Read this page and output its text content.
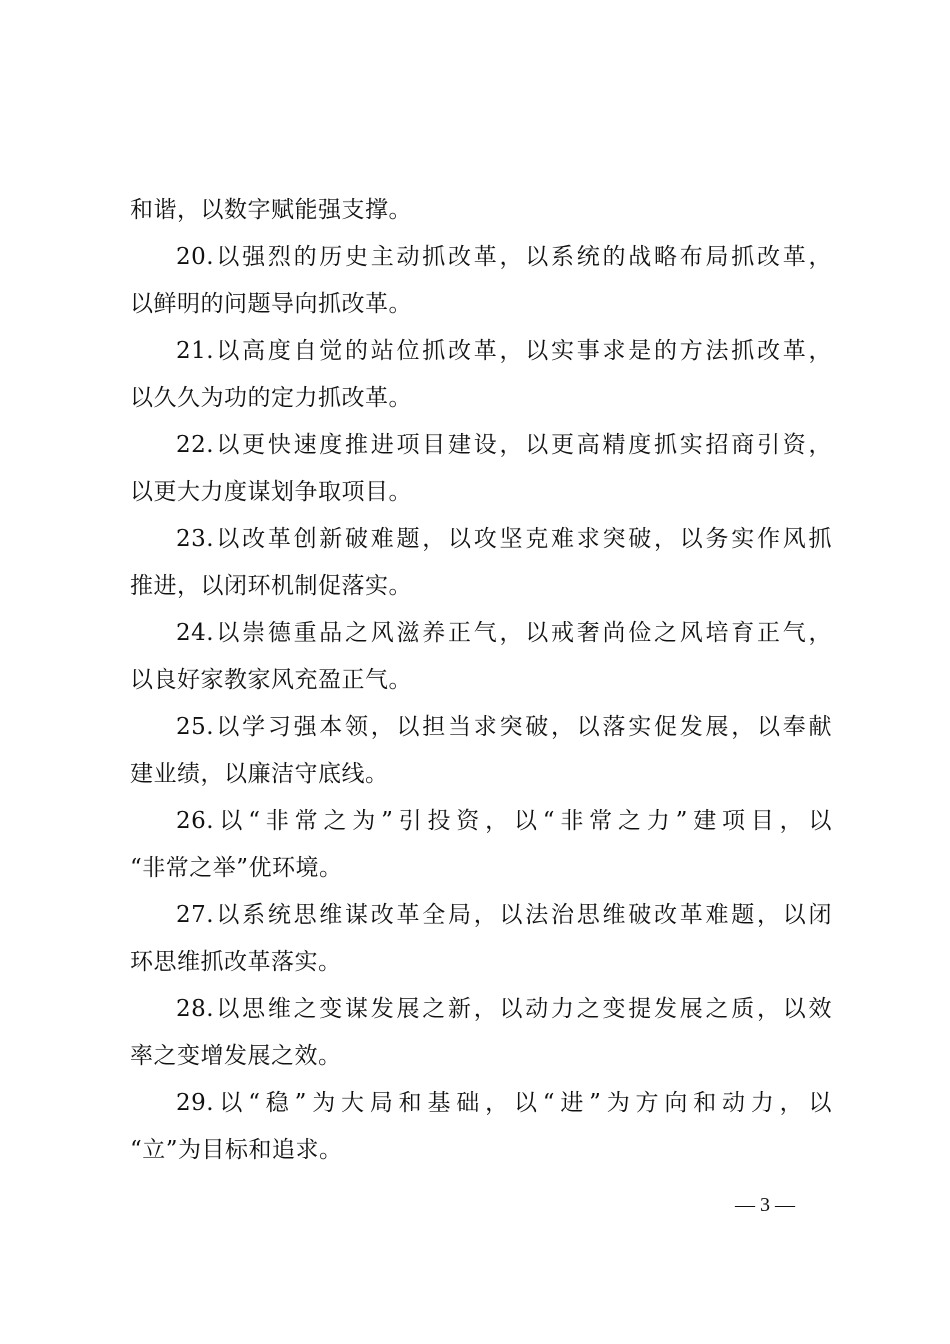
和谐，以数字赋能强支撑。
20.以强烈的历史主动抓改革，以系统的战略布局抓改革，
以鲜明的问题导向抓改革。
21.以高度自觉的站位抓改革，以实事求是的方法抓改革，
以久久为功的定力抓改革。
22.以更快速度推进项目建设，以更高精度抓实招商引资，
以更大力度谋划争取项目。
23.以改革创新破难题，以攻坚克难求突破，以务实作风抓
推进，以闭环机制促落实。
24.以崇德重品之风滋养正气，以戒奢尚俭之风培育正气，
以良好家教家风充盈正气。
25.以学习强本领，以担当求突破，以落实促发展，以奉献
建业绩，以廉洁守底线。
26.以“非常之为”引投资，以“非常之力”建项目，以
“非常之举”优环境。
27.以系统思维谋改革全局，以法治思维破改革难题，以闭
环思维抓改革落实。
28.以思维之变谋发展之新，以动力之变提发展之质，以效
率之变增发展之效。
29.以“稳”为大局和基础，以“进”为方向和动力，以
“立”为目标和追求。
— 3 —
